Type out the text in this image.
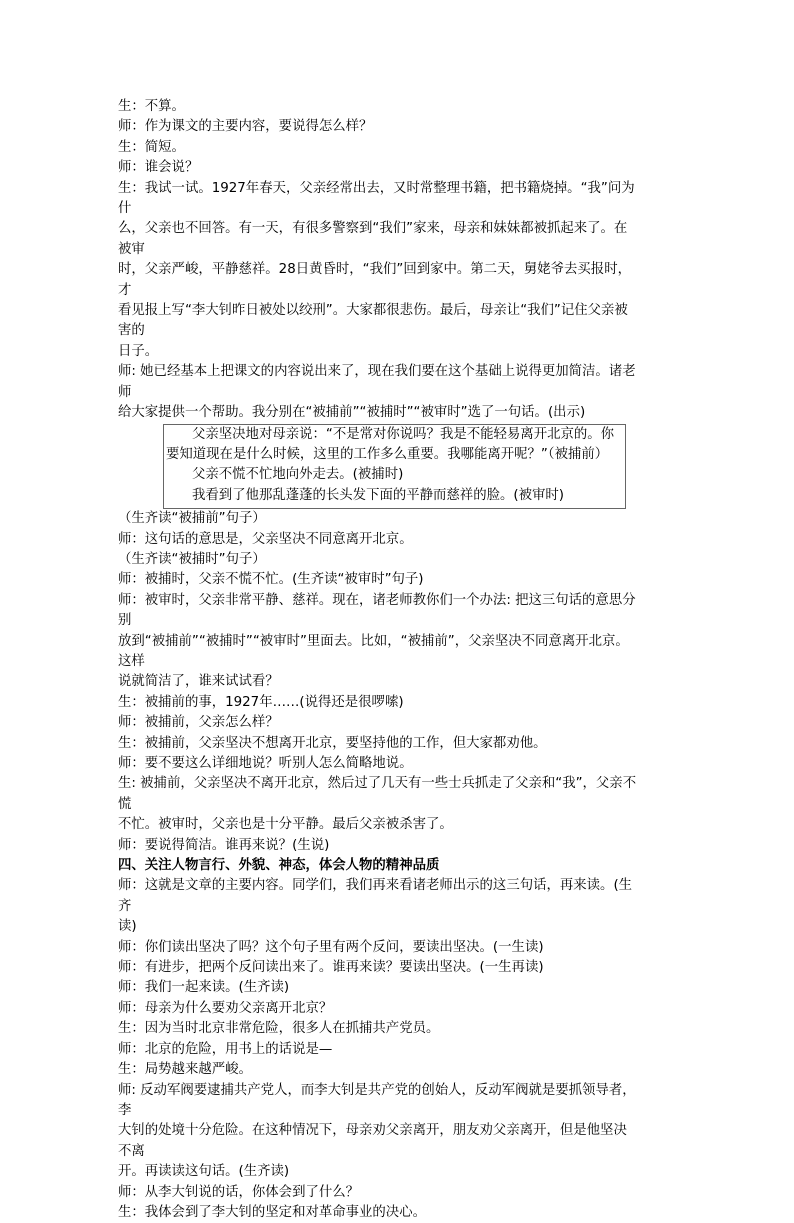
生：不算。
师：作为课文的主要内容，要说得怎么样？
生：简短。
师：谁会说？
生：我试一试。1927年春天，父亲经常出去，又时常整理书籍，把书籍烧掉。“我”问为什
么，父亲也不回答。有一天，有很多警察到“我们”家来，母亲和妹妹都被抓起来了。在被审
时，父亲严峻，平静慈祥。28日黄昏时，“我们”回到家中。第二天，舅姥爷去买报时，才
看见报上写“李大钊昨日被处以绞刑”。大家都很悲伤。最后，母亲让“我们”记住父亲被害的
日子。
师: 她已经基本上把课文的内容说出来了，现在我们要在这个基础上说得更加简洁。诸老师
给大家提供一个帮助。我分别在“被捕前”“被捕时”“被审时”选了一句话。(出示)
父亲坚决地对母亲说：“不是常对你说吗？我是不能轻易离开北京的。你
要知道现在是什么时候，这里的工作多么重要。我哪能离开呢？”（被捕前）
父亲不慌不忙地向外走去。(被捕时)
我看到了他那乱蓬蓬的长头发下面的平静而慈祥的脸。(被审时)
（生齐读“被捕前”句子）
师：这句话的意思是，父亲坚决不同意离开北京。
（生齐读“被捕时”句子）
师：被捕时，父亲不慌不忙。(生齐读“被审时”句子)
师：被审时，父亲非常平静、慈祥。现在，诸老师教你们一个办法: 把这三句话的意思分别
放到“被捕前”“被捕时”“被审时”里面去。比如，“被捕前”，父亲坚决不同意离开北京。这样
说就简洁了，谁来试试看？
生：被捕前的事，1927年……(说得还是很啰嗦)
师：被捕前，父亲怎么样？
生：被捕前，父亲坚决不想离开北京，要坚持他的工作，但大家都劝他。
师：要不要这么详细地说？听别人怎么简略地说。
生: 被捕前，父亲坚决不离开北京，然后过了几天有一些士兵抓走了父亲和“我”，父亲不慌
不忙。被审时，父亲也是十分平静。最后父亲被杀害了。
师：要说得简洁。谁再来说？(生说)
四、关注人物言行、外貌、神态，体会人物的精神品质
师：这就是文章的主要内容。同学们，我们再来看诸老师出示的这三句话，再来读。(生齐
读)
师：你们读出坚决了吗？这个句子里有两个反问，要读出坚决。(一生读)
师：有进步，把两个反问读出来了。谁再来读？要读出坚决。(一生再读)
师：我们一起来读。(生齐读)
师：母亲为什么要劝父亲离开北京？
生：因为当时北京非常危险，很多人在抓捕共产党员。
师：北京的危险，用书上的话说是—
生：局势越来越严峻。
师: 反动军阀要逮捕共产党人，而李大钊是共产党的创始人，反动军阀就是要抓领导者，李
大钊的处境十分危险。在这种情况下，母亲劝父亲离开，朋友劝父亲离开，但是他坚决不离
开。再读读这句话。(生齐读)
师：从李大钊说的话，你体会到了什么？
生：我体会到了李大钊的坚定和对革命事业的决心。
